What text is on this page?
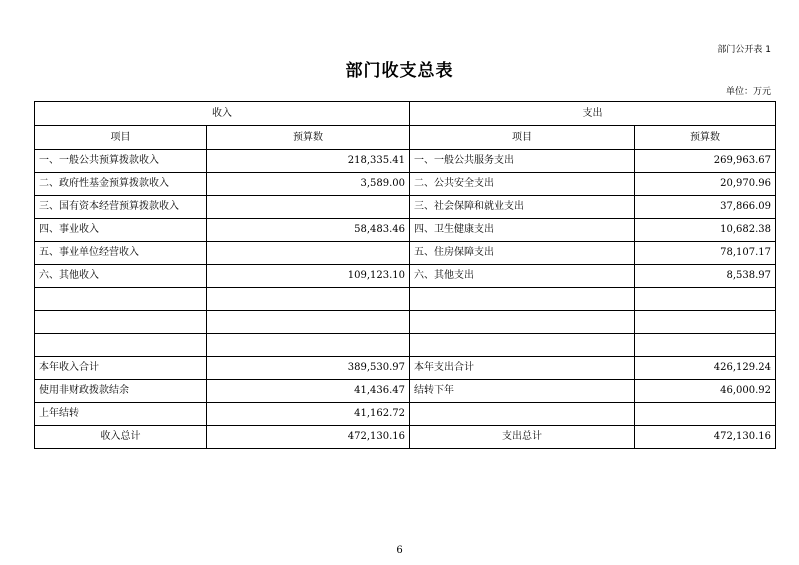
部门公开表 1
部门收支总表
单位：万元
收入		支出	
项目	预算数	项目	预算数
一、一般公共预算拨款收入	218,335.41	一、一般公共服务支出	269,963.67
二、政府性基金预算拨款收入	3,589.00	二、公共安全支出	20,970.96
三、国有资本经营预算拨款收入		三、社会保障和就业支出	37,866.09
四、事业收入	58,483.46	四、卫生健康支出	10,682.38
五、事业单位经营收入		五、住房保障支出	78,107.17
六、其他收入	109,123.10	六、其他支出	8,538.97

本年收入合计	389,530.97	本年支出合计	426,129.24
使用非财政拨款结余	41,436.47	结转下年	46,000.92
上年结转	41,162.72		
收入总计	472,130.16	支出总计	472,130.16
6
